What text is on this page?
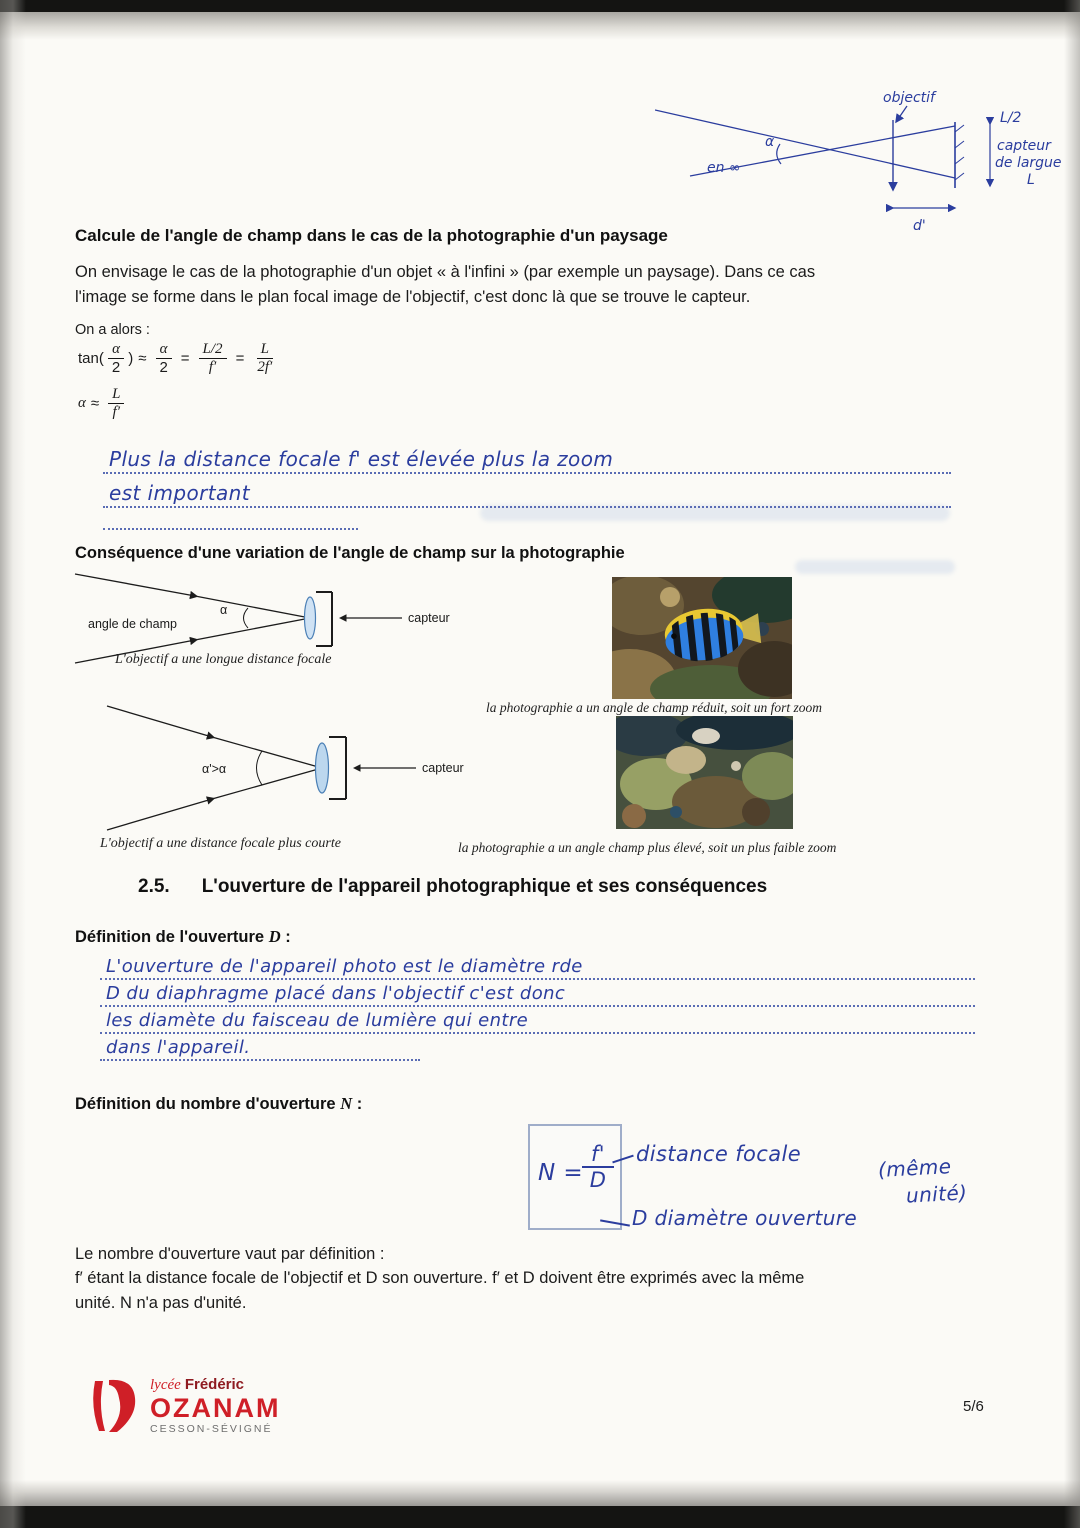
objectif
α
en ∞
L/2
capteur
de largue
L
d'
Calcule de l'angle de champ dans le cas de la photographie d'un paysage
On envisage le cas de la photographie d'un objet « à l'infini » (par exemple un paysage). Dans ce cas
l'image se forme dans le plan focal image de l'objectif, c'est donc là que se trouve le capteur.
On a alors :
$\tan( \frac{\alpha}{2}$ ) ≈ $\frac{\alpha}{2} = \frac{L/2}{f'} = \frac{L}{2f'}$
$\alpha \approx \frac{L}{f'}$
Plus la distance focale f' est élevée plus la zoom
est important
Conséquence d'une variation de l'angle de champ sur la photographie
α
angle de champ	capteur
L'objectif a une longue distance focale
la photographie a un angle de champ réduit, soit un fort zoom
α'>α	capteur
L'objectif a une distance focale plus courte	la photographie a un angle champ plus élevé, soit un plus faible zoom
2.5. L'ouverture de l'appareil photographique et ses conséquences
Définition de l'ouverture D :
L'ouverture de l'appareil photo est le diamètre rde
D du diaphragme placé dans l'objectif c'est donc
les diamète du faisceau de lumière qui entre
dans l'appareil.
Définition du nombre d'ouverture N :
$N = \frac{f'}{D}$ distance focale
(même
unité)
D diamètre ouverture
Le nombre d'ouverture vaut par définition :
f′ étant la distance focale de l'objectif et D son ouverture. f′ et D doivent être exprimés avec la même
unité. N n'a pas d'unité.
lycée Frédéric
OZANAM
CESSON-SÉVIGNÉ
5/6
